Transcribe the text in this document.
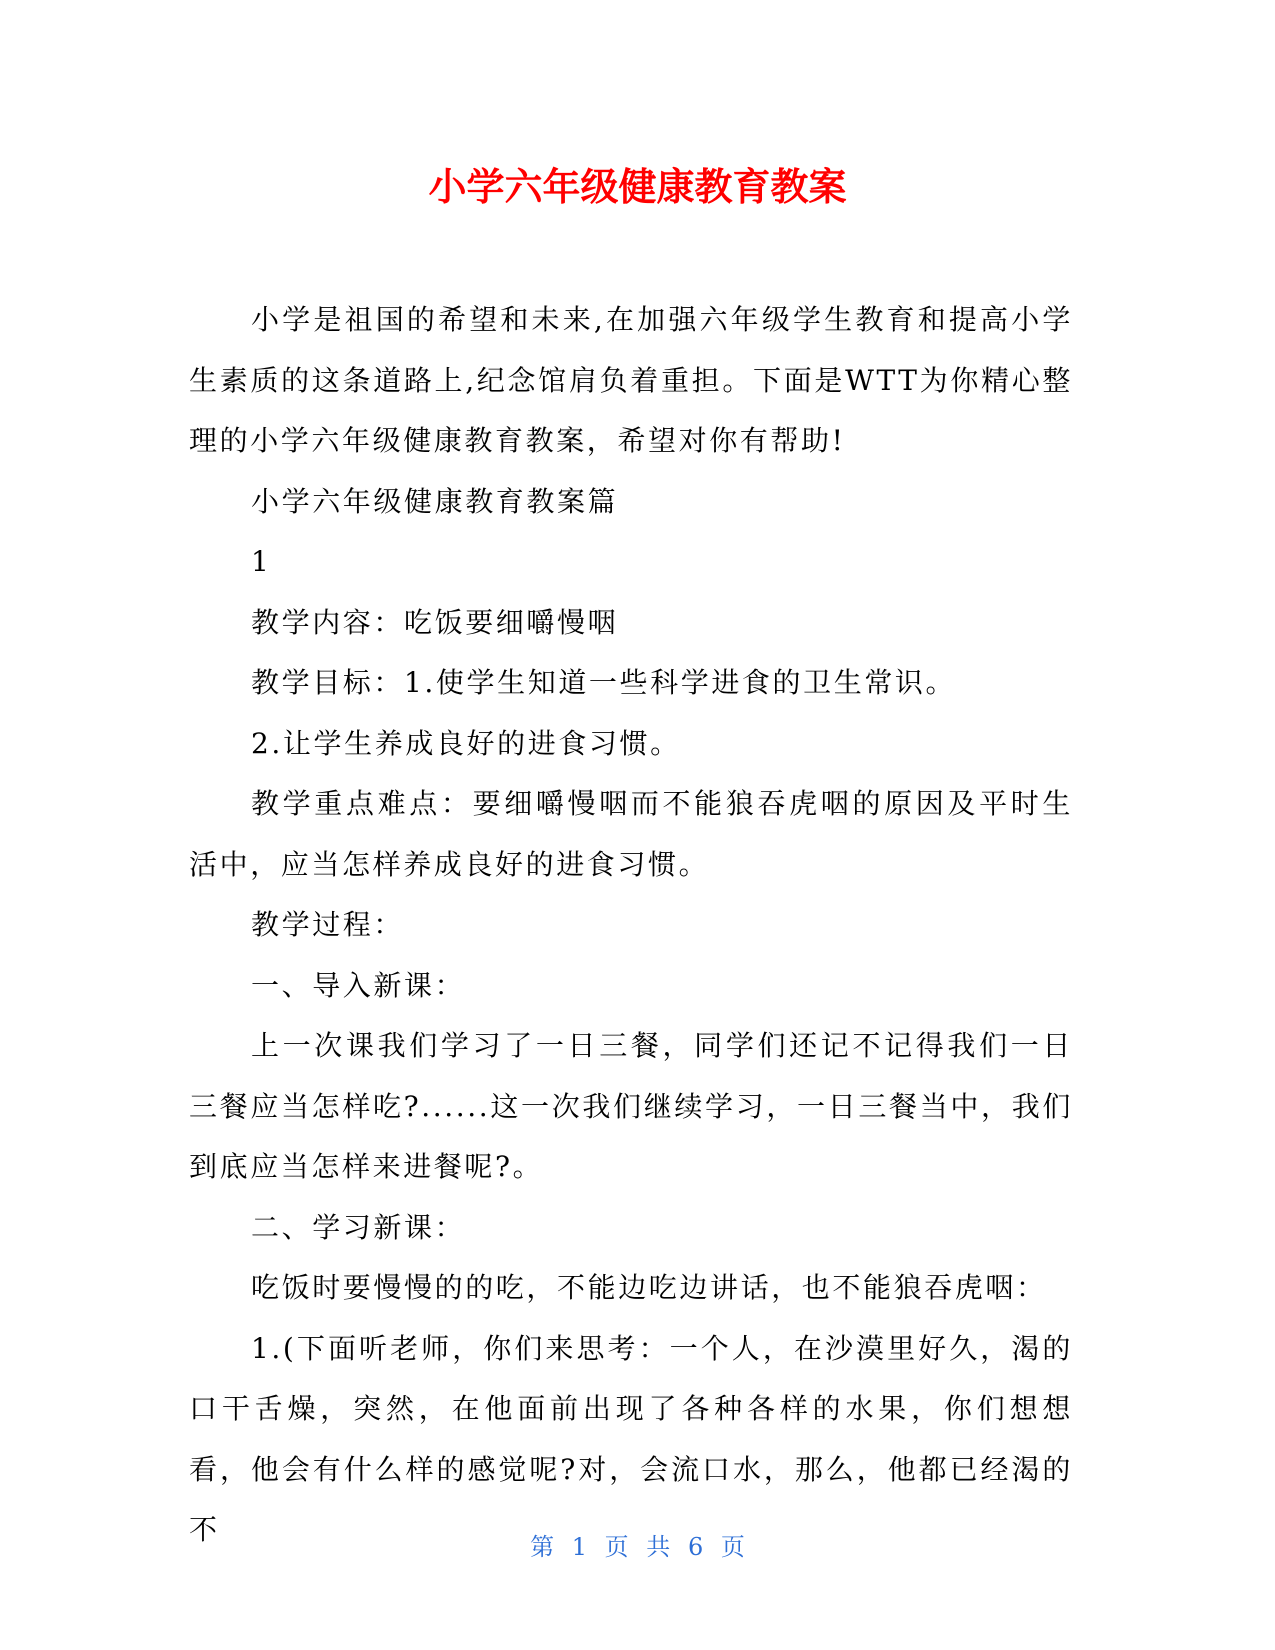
小学六年级健康教育教案

小学是祖国的希望和未来,在加强六年级学生教育和提高小学生素质的这条道路上,纪念馆肩负着重担。下面是WTT为你精心整理的小学六年级健康教育教案，希望对你有帮助!

小学六年级健康教育教案篇

1

教学内容：吃饭要细嚼慢咽

教学目标：1.使学生知道一些科学进食的卫生常识。

2.让学生养成良好的进食习惯。

教学重点难点：要细嚼慢咽而不能狼吞虎咽的原因及平时生活中，应当怎样养成良好的进食习惯。

教学过程：

一、导入新课：

上一次课我们学习了一日三餐，同学们还记不记得我们一日三餐应当怎样吃?......这一次我们继续学习，一日三餐当中，我们到底应当怎样来进餐呢?。

二、学习新课：

吃饭时要慢慢的的吃，不能边吃边讲话，也不能狼吞虎咽：

1.(下面听老师，你们来思考：一个人，在沙漠里好久，渴的口干舌燥，突然，在他面前出现了各种各样的水果，你们想想看，他会有什么样的感觉呢?对，会流口水，那么，他都已经渴的不

第 1 页 共 6 页
